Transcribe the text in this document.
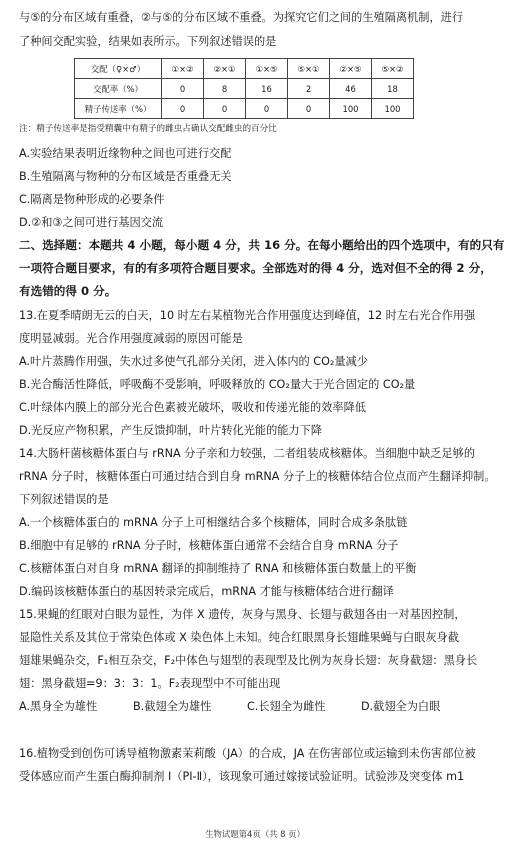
与⑤的分布区域有重叠，②与⑤的分布区域不重叠。为探究它们之间的生殖隔离机制，进行
了种间交配实验，结果如表所示。下列叙述错误的是
交配（♀×♂）	①×②	②×①	①×⑤	⑤×①	②×⑤	⑤×②
交配率（%）	0	8	16	2	46	18
精子传送率（%）	0	0	0	0	100	100
注：精子传送率是指受精囊中有精子的雌虫占确认交配雌虫的百分比
A.实验结果表明近缘物种之间也可进行交配
B.生殖隔离与物种的分布区域是否重叠无关
C.隔离是物种形成的必要条件
D.②和③之间可进行基因交流
二、选择题：本题共 4 小题，每小题 4 分，共 16 分。在每小题给出的四个选项中，有的只有
一项符合题目要求，有的有多项符合题目要求。全部选对的得 4 分，选对但不全的得 2 分，
有选错的得 0 分。
13.在夏季晴朗无云的白天，10 时左右某植物光合作用强度达到峰值，12 时左右光合作用强
度明显减弱。光合作用强度减弱的原因可能是
A.叶片蒸腾作用强，失水过多使气孔部分关闭，进入体内的 CO₂量减少
B.光合酶活性降低，呼吸酶不受影响，呼吸释放的 CO₂量大于光合固定的 CO₂量
C.叶绿体内膜上的部分光合色素被光破坏，吸收和传递光能的效率降低
D.光反应产物积累，产生反馈抑制，叶片转化光能的能力下降
14.大肠杆菌核糖体蛋白与 rRNA 分子亲和力较强，二者组装成核糖体。当细胞中缺乏足够的
rRNA 分子时，核糖体蛋白可通过结合到自身 mRNA 分子上的核糖体结合位点而产生翻译抑制。
下列叙述错误的是
A.一个核糖体蛋白的 mRNA 分子上可相继结合多个核糖体，同时合成多条肽链
B.细胞中有足够的 rRNA 分子时，核糖体蛋白通常不会结合自身 mRNA 分子
C.核糖体蛋白对自身 mRNA 翻译的抑制维持了 RNA 和核糖体蛋白数量上的平衡
D.编码该核糖体蛋白的基因转录完成后，mRNA 才能与核糖体结合进行翻译
15.果蝇的红眼对白眼为显性，为伴 X 遗传，灰身与黑身、长翅与截翅各由一对基因控制，
显隐性关系及其位于常染色体或 X 染色体上未知。纯合红眼黑身长翅雌果蝇与白眼灰身截
翅雄果蝇杂交，F₁相互杂交，F₂中体色与翅型的表现型及比例为灰身长翅：灰身截翅：黑身长
翅：黑身截翅=9：3：3：1。F₂表现型中不可能出现
A.黑身全为雄性	B.截翅全为雄性	C.长翅全为雌性	D.截翅全为白眼
16.植物受到创伤可诱导植物激素茉莉酸（JA）的合成，JA 在伤害部位或运输到未伤害部位被
受体感应而产生蛋白酶抑制剂 I（PI-Ⅱ），该现象可通过嫁接试验证明。试验涉及突变体 m1
生物试题第4页（共 8 页）
